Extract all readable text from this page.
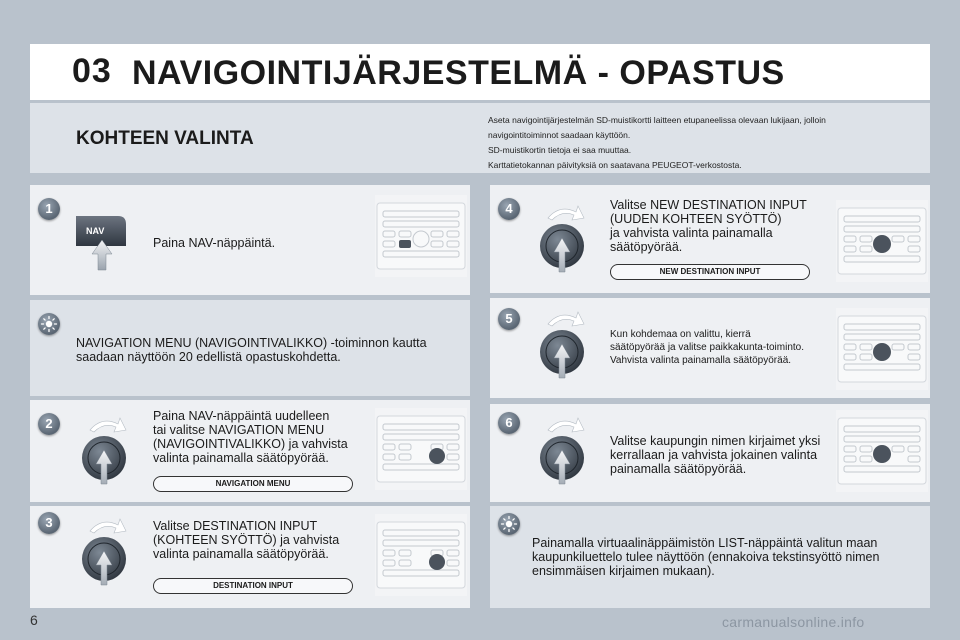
03 NAVIGOINTIJÄRJESTELMÄ - OPASTUS
KOHTEEN VALINTA
Aseta navigointijärjestelmän SD-muistikortti laitteen etupaneelissa olevaan lukijaan, jolloin
navigointitoiminnot saadaan käyttöön.
SD-muistikortin tietoja ei saa muuttaa.
Karttatietokannan päivityksiä on saatavana PEUGEOT-verkostosta.
1
NAV
Paina NAV-näppäintä.
NAVIGATION MENU (NAVIGOINTIVALIKKO) -toiminnon kautta
saadaan näyttöön 20 edellistä opastuskohdetta.
2	Paina NAV-näppäintä uudelleen
tai valitse NAVIGATION MENU
(NAVIGOINTIVALIKKO) ja vahvista
valinta painamalla säätöpyörää.
NAVIGATION MENU
3	Valitse DESTINATION INPUT
(KOHTEEN SYÖTTÖ) ja vahvista
valinta painamalla säätöpyörää.
DESTINATION INPUT
4	Valitse NEW DESTINATION INPUT
(UUDEN KOHTEEN SYÖTTÖ)
ja vahvista valinta painamalla
säätöpyörää.
NEW DESTINATION INPUT
5
Kun kohdemaa on valittu, kierrä
säätöpyörää ja valitse paikkakunta-toiminto.
Vahvista valinta painamalla säätöpyörää.
6
Valitse kaupungin nimen kirjaimet yksi
kerrallaan ja vahvista jokainen valinta
painamalla säätöpyörää.
Painamalla virtuaalinäppäimistön LIST-näppäintä valitun maan
kaupunkiluettelo tulee näyttöön (ennakoiva tekstinsyöttö nimen
ensimmäisen kirjaimen mukaan).
6	carmanualsonline.info
